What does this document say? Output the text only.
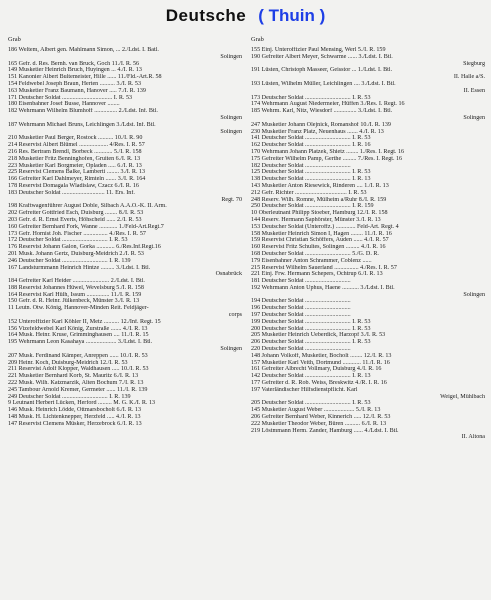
Deutsche ( Thuin )
Grab
186 Weltem, Albert gen. Mahlmann Simon, ... 2./Ldst. I. Batl.
Solingen
165 Gefr. d. Res. Bernh. van Bruck, Goch 11./I. R. 56
149 Musketier Heinrich Bruch, Huyingen ... 4./I. R. 13
151 Kanonier Albert Bultemeister, Hille ...... 11./Fld.-Art.R. 58
154 Feldwebel Joseph Braun, Herten .......... 3./I. R. 53
163 Musketier Franz Baumann, Hanover ..... 7./I. R. 139
171 Deutscher Soldat ................................. I. R. 53
180 Eisenbahner Josef Busse, Hannover ........
182 Wehrmann Wilhelm Blumhoff ............... 2./Ldst. Inf. Btl.
Solingen
187 Wehrmann Michael Bruns, Leichlingen 3./Ldst. Inf. Btl.
Solingen
210 Musketier Paul Berger, Rostock .......... 10./I. R. 90
214 Reservist Albert Blümel ................... 4/Res. I. R. 57
216 Res. Bertram Brendl, Borbeck ............ 5./I. R. 158
218 Musketier Fritz Benninghofen, Gruiten 6./I. R. 13
223 Musketier Karl Borgmeier, Opladen ..... 6./I. R. 13
225 Reservist Clemens Balke, Lamberti ........ 3./I. R. 13
166 Gefreiter Karl Dahlmeyer, Rimteln ....... 3./I. R. 164
178 Reservist Domagala Wladislaw, Czacz 6./I. R. 16
183 Deutscher Soldat ............................ 11. Ers. Inf.
Regt. 70
198 Kraftwagenführer August Doble, Silbach A.A.O.-K. II. Arm.
202 Gefreiter Gottfried Esch, Duisburg ........ 8./I. R. 53
203 Gefr. d. R. Ernst Everts, Höhscheid ...... 2./I. R. 53
160 Gefreiter Bernhard Fork, Wanne ............ 1./Feld-Art.Regt.7
173 Gefr. Hornist Joh. Fischer ................ 4./Res. I. R. 57
172 Deutscher Soldat .............................. I. R. 53
176 Reservist Johann Galon, Gorka ............ 6./Res.Inf.Regt.16
201 Musk. Johann Gertz, Duisburg-Meidrich 2./I. R. 53
246 Deutscher Soldat .............................. I. R. 139
167 Landsturmmann Heinrich Hintze ......... 3./Ldst. I. Btl.
Osnabrück
184 Gefreiter Karl Heider ........................ 2./Ldst. I. Btl.
188 Reservist Johannes Hüwel, Wevelsburg 5./I. R. 158
164 Reservist Karl Hülh, Issum ............... 11./I. R. 159
150 Gefr. d. R. Heinr. Jülkenbeck, Münster 3./I. R. 13
11 Leutn. Otw. König, Hannover-Minden Reit. Feldjäger-
corps
152 Unteroffizier Karl Köhler II, Metz .......... 12./Inf. Regt. 15
156 Vizefeldwebel Karl König, Zurstraße ....... 4./I. R. 13
164 Musk. Heinr. Kruse, Grimminghausen .... 11./I. R. 15
195 Wehrmann Leon Kasahaya .................... 3./Ldst. I. Btl.
Solingen
207 Musk. Ferdinand Kämper, Anreppen ...... 10./I. R. 53
209 Heinr. Koch, Duisburg-Meidrich 12./I. R. 53
211 Reservist Adolf Klopper, Waldhausen ..... 10./I. R. 53
221 Musketier Bernhard Korb, St. Mauritz 6./I. R. 13
222 Musk. Wilh. Katzmarzik, Alten Bochum 7./I. R. 13
245 Tambour Arnold Kremer, Germeter ...... 11./I. R. 139
249 Deutscher Soldat .............................. I. R. 139
9 Leutnant Herbert Lücken, Herford ......... M. G. K./I. R. 13
146 Musk. Heinrich Lödde, Ottmarsbocholt 6./I. R. 13
148 Musk. H. Lichtenknepper, Herzfeld ..... 4./I. R. 13
147 Reservist Clemens Müsker, Herzebrock 6./I. R. 13
Grab
155 Einj. Unteroffizier Paul Mensing, Werl 5./I. R. 159
190 Gefreiter Albert Meyer, Schwarme ...... 3./Ldst. I. Btl.
Siegburg
191 Lüsten, Christoph Masseer, Geisstor ... 1./Ldst. I. Btl.
II. Halle a/S.
193 Lüsten, Wilhelm Müller, Leichlingen .... 3./Ldst. I. Btl.
II. Essen
173 Deutscher Soldat .............................. I. R. 53
174 Wehrmann August Niedermeier, Hüffen 3./Res. I. Regt. 16
185 Wehrm. Karl, Nitz, Wiesdorf ............... 3./Ldst. I. Btl.
Solingen
247 Musketier Johann Olejnick, Romanshof 10./I. R. 139
230 Musketier Franz Platz, Neuenhaus ....... 4./I. R. 13
141 Deutscher Soldat .............................. I. R. 53
162 Deutscher Soldat .............................. I. R. 16
170 Wehrmann Johann Platzek, Shietz ........ 1./Res. I. Regt. 16
175 Gefreiter Wilhelm Pamp, Gerthe ......... 7./Res. I. Regt. 16
182 Deutscher Soldat ..............................
125 Deutscher Soldat .............................. I. R. 53
138 Deutscher Soldat .............................. I. R. 13
143 Musketier Anton Riesewick, Rinderen .... 1./I. R. 13
212 Gefr. Richter .................................. I. R. 53
248 Reserv. Wilh. Romne, Mülheim a/Ruhr 8./I. R. 159
250 Deutscher Soldat .............................. I. R. 159
10 Oberleutnant Philipp Stoeber, Hamburg 12./I. R. 158
144 Reserv. Hermann Saphörster, Münster 3./I. R. 13
153 Deutscher Soldat (Unteroffz.) ............. Feld-Art. Regt. 4
158 Musketier Heinrich Simon I, Hagen ........ 11./I. R. 16
159 Reservist Christian Schöffers, Auden ...... 4./I. R. 57
160 Reservist Fritz Schultes, Solingen ......... 4./I. R. 16
168 Deutscher Soldat .............................. 5./G. D. R.
179 Eisenbahner Anton Schrammer, Coblenz ......
215 Reservist Wilhelm Sauerland ................ 4./Res. I. R. 57
221 Einj. Frw. Hermann Schepers, Ochtrup 6./I. R. 13
181 Deutscher Soldat ..............................
192 Wehrmann Anton Uphus, Haene ........... 3./Ldst. I. Btl.
Solingen
194 Deutscher Soldat ..............................
196 Deutscher Soldat ..............................
197 Deutscher Soldat ..............................
199 Deutscher Soldat .............................. I. R. 53
200 Deutscher Soldat .............................. I. R. 53
205 Musketier Heinrich Ueberdick, Harzopf 3./I. R. 53
206 Deutscher Soldat .............................. I. R. 53
220 Deutscher Soldat ..............................
148 Johann Volkoff, Musketier, Bocholt ........ 12./I. R. 13
157 Musketier Karl Veith, Dortmund ............ 11./I. R. 16
161 Gefreiter Albrecht Vollmary, Duisburg 4./I. R. 16
142 Deutscher Soldat .............................. I. R. 13
177 Gefreiter d. R. Rob. Weiss, Breskwitz 4./R. I. R. 16
197 Vaterländischer Hilfsdienstpflicht. Karl
Weigel, Mühlbach
205 Deutscher Soldat .............................. I. R. 53
145 Musketier August Weber .................... 5./I. R. 13
206 Gefreiter Bernhard Weber, Kinnerich ..... 12./I. R. 53
222 Musketier Theodor Weber, Büren .......... 6./I. R. 13
219 Löstmmann Herm. Zander, Hamburg ...... 4./Ldst. I. Btl.
II. Altona
